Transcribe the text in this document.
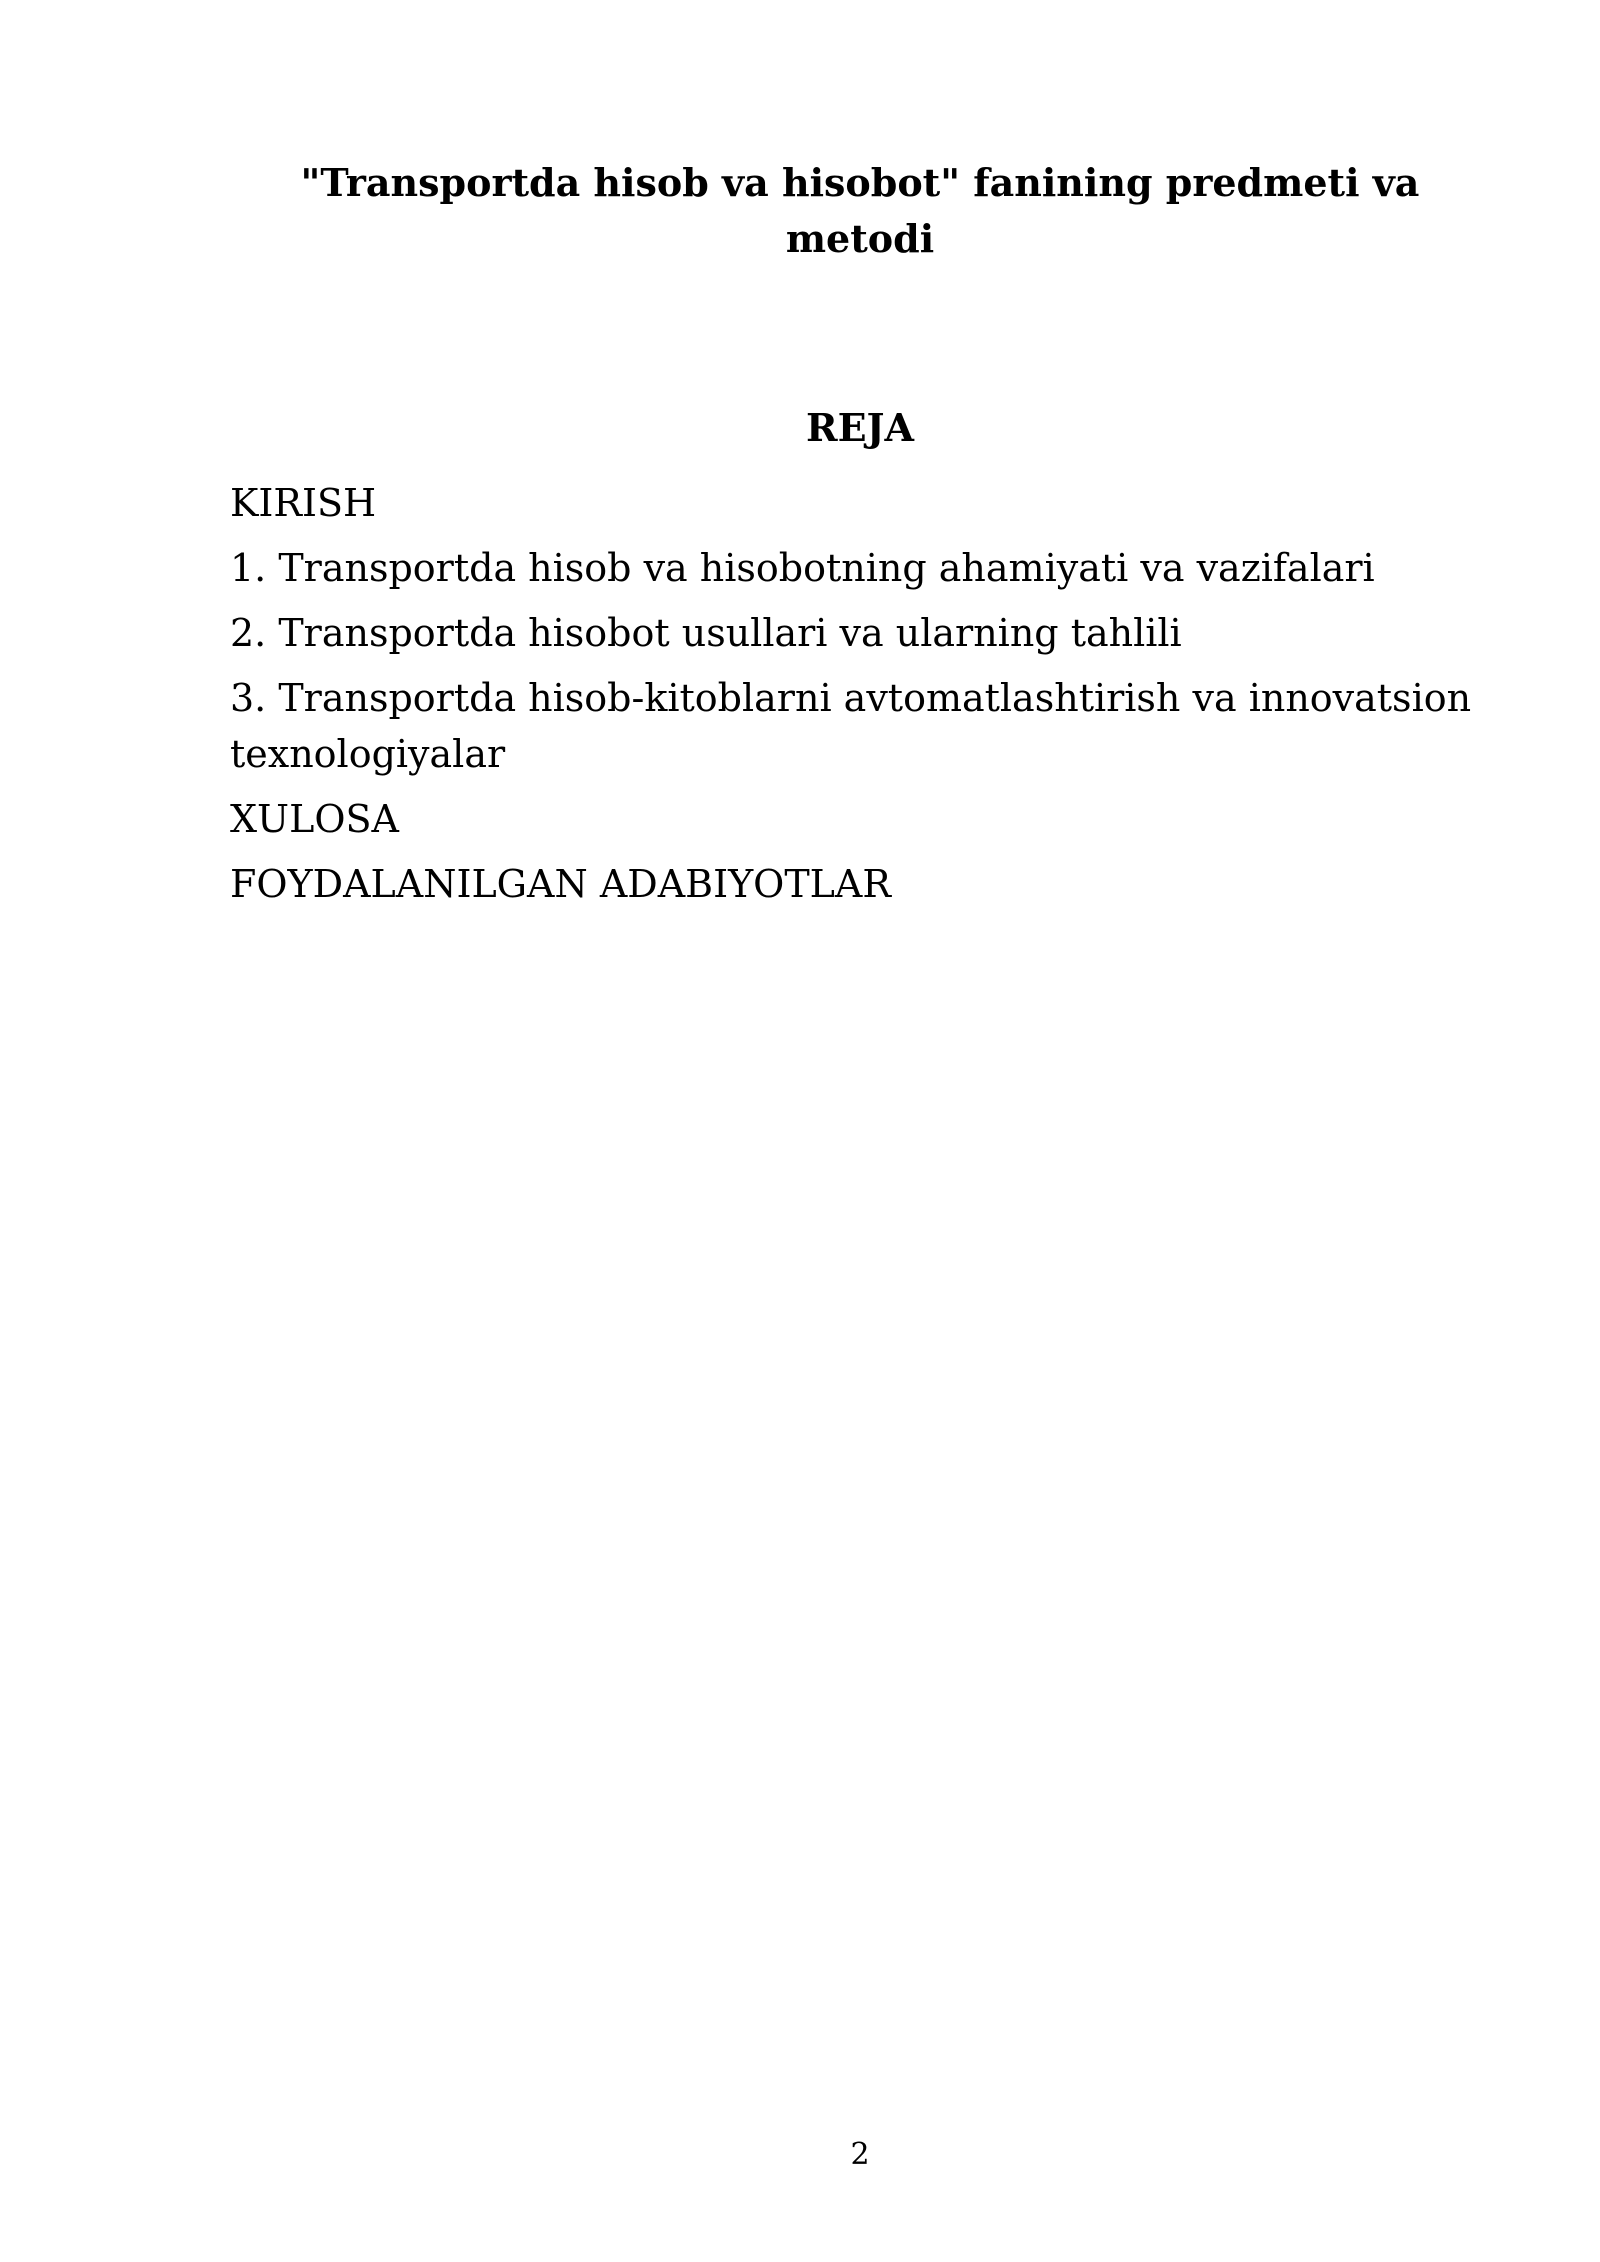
"Transportda hisob va hisobot" fanining predmeti va metodi
REJA
KIRISH
1. Transportda hisob va hisobotning ahamiyati va vazifalari
2. Transportda hisobot usullari va ularning tahlili
3. Transportda hisob-kitoblarni avtomatlashtirish va innovatsion texnologiyalar
XULOSA
FOYDALANILGAN ADABIYOTLAR
2
